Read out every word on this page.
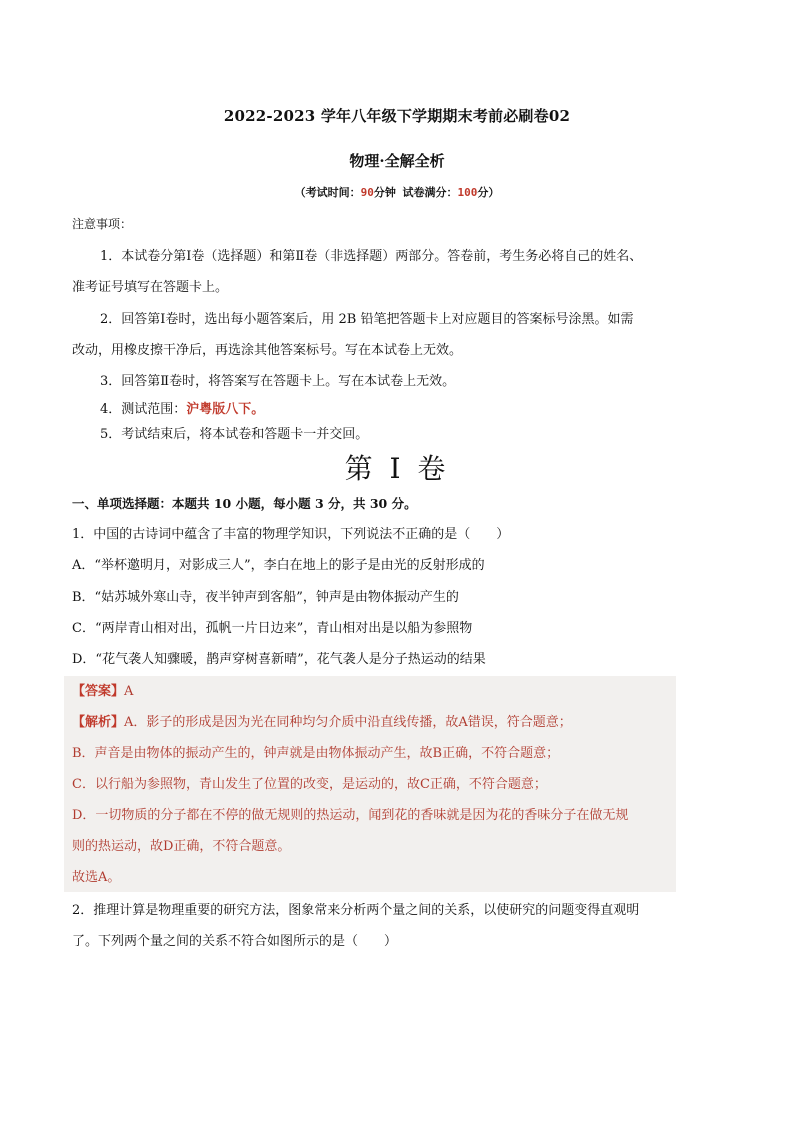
2022-2023 学年八年级下学期期末考前必刷卷02
物理·全解全析
（考试时间：90分钟 试卷满分：100分）
注意事项：
1．本试卷分第Ⅰ卷（选择题）和第Ⅱ卷（非选择题）两部分。答卷前，考生务必将自己的姓名、
准考证号填写在答题卡上。
2．回答第Ⅰ卷时，选出每小题答案后，用 2B 铅笔把答题卡上对应题目的答案标号涂黑。如需
改动，用橡皮擦干净后，再选涂其他答案标号。写在本试卷上无效。
3．回答第Ⅱ卷时，将答案写在答题卡上。写在本试卷上无效。
4．测试范围：沪粤版八下。
5．考试结束后，将本试卷和答题卡一并交回。
第 I 卷
一、单项选择题：本题共 10 小题，每小题 3 分，共 30 分。
1．中国的古诗词中蕴含了丰富的物理学知识，下列说法不正确的是（　　）
A．“举杯邀明月，对影成三人”，李白在地上的影子是由光的反射形成的
B．“姑苏城外寒山寺，夜半钟声到客船”，钟声是由物体振动产生的
C．“两岸青山相对出，孤帆一片日边来”，青山相对出是以船为参照物
D．“花气袭人知骤暖，鹊声穿树喜新晴”，花气袭人是分子热运动的结果
【答案】A
【解析】A．影子的形成是因为光在同种均匀介质中沿直线传播，故A错误，符合题意；
B．声音是由物体的振动产生的，钟声就是由物体振动产生，故B正确，不符合题意；
C．以行船为参照物，青山发生了位置的改变，是运动的，故C正确，不符合题意；
D．一切物质的分子都在不停的做无规则的热运动，闻到花的香味就是因为花的香味分子在做无规
则的热运动，故D正确，不符合题意。
故选A。
2．推理计算是物理重要的研究方法，图象常来分析两个量之间的关系，以使研究的问题变得直观明
了。下列两个量之间的关系不符合如图所示的是（　　）
